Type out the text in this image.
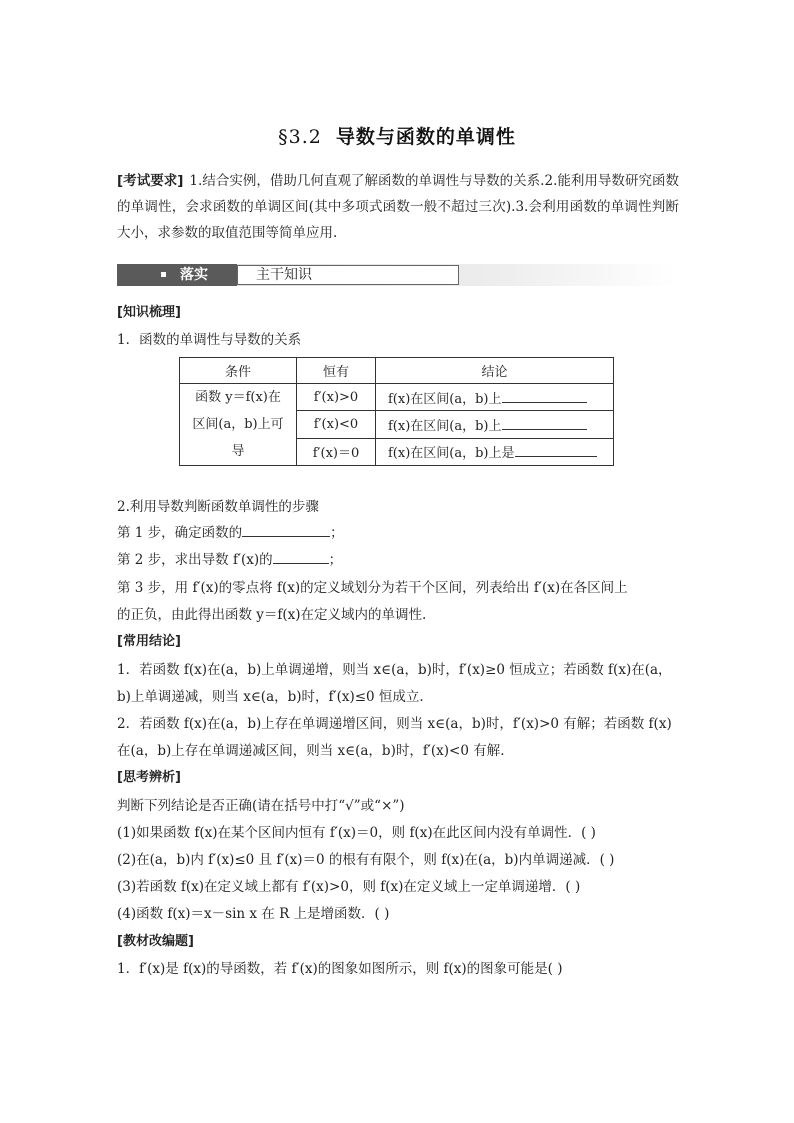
§3.2 导数与函数的单调性
[考试要求] 1.结合实例，借助几何直观了解函数的单调性与导数的关系.2.能利用导数研究函数的单调性，会求函数的单调区间(其中多项式函数一般不超过三次).3.会利用函数的单调性判断大小，求参数的取值范围等简单应用.
落实	主干知识
[知识梳理]
1．函数的单调性与导数的关系
条件	恒有	结论

函数 y＝f(x)在
区间(a，b)上可
导	f′(x)>0	f(x)在区间(a，b)上
	f′(x)<0	f(x)在区间(a，b)上
	f′(x)＝0	f(x)在区间(a，b)上是
2.利用导数判断函数单调性的步骤
第 1 步，确定函数的	；
第 2 步，求出导数 f′(x)的	；
第 3 步，用 f′(x)的零点将 f(x)的定义域划分为若干个区间，列表给出 f′(x)在各区间上
的正负，由此得出函数 y＝f(x)在定义域内的单调性.
[常用结论]
1．若函数 f(x)在(a，b)上单调递增，则当 x∈(a，b)时，f′(x)≥0 恒成立；若函数 f(x)在(a，
b)上单调递减，则当 x∈(a，b)时，f′(x)≤0 恒成立.
2．若函数 f(x)在(a，b)上存在单调递增区间，则当 x∈(a，b)时，f′(x)>0 有解；若函数 f(x)
在(a，b)上存在单调递减区间，则当 x∈(a，b)时，f′(x)<0 有解.
[思考辨析]
判断下列结论是否正确(请在括号中打“√”或“×”)
(1)如果函数 f(x)在某个区间内恒有 f′(x)＝0，则 f(x)在此区间内没有单调性．( )
(2)在(a，b)内 f′(x)≤0 且 f′(x)＝0 的根有有限个，则 f(x)在(a，b)内单调递减．( )
(3)若函数 f(x)在定义域上都有 f′(x)>0，则 f(x)在定义域上一定单调递增．( )
(4)函数 f(x)＝x－sin x 在 R 上是增函数．( )
[教材改编题]
1．f′(x)是 f(x)的导函数，若 f′(x)的图象如图所示，则 f(x)的图象可能是( )
